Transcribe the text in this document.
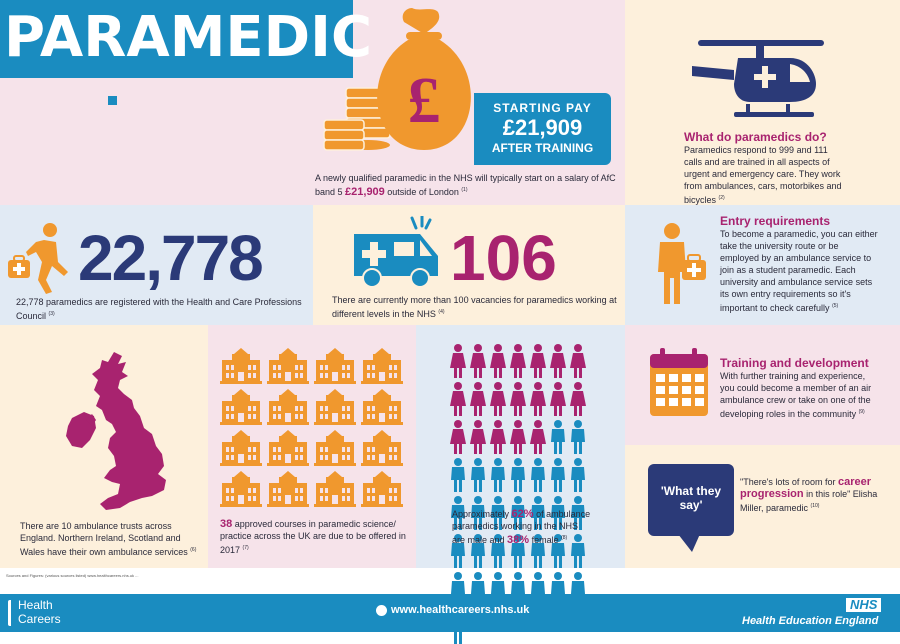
PARAMEDIC
£	STARTING PAY
£21,909
AFTER TRAINING
A newly qualified paramedic in the NHS will typically start on a salary of AfC band 5 £21,909 outside of London $^{(1)}$
What do paramedics do?
Paramedics respond to 999 and 111 calls and are trained in all aspects of urgent and emergency care. They work from ambulances, cars, motorbikes and bicycles $^{(2)}$
22,778
22,778 paramedics are registered with the Health and Care Professions Council $^{(3)}$
106
There are currently more than 100 vacancies for paramedics working at different levels in the NHS $^{(4)}$
Entry requirements
To become a paramedic, you can either take the university route or be employed by an ambulance service to join as a student paramedic. Each university and ambulance service sets its own entry requirements so it's important to check carefully $^{(5)}$
There are 10 ambulance trusts across England. Northern Ireland, Scotland and Wales have their own ambulance services $^{(6)}$
38 approved courses in paramedic science/ practice across the UK are due to be offered in 2017 $^{(7)}$
Approximately 62% of ambulance paramedics working in the NHS are male and 38% female $^{(8)}$
Training and development
With further training and experience, you could become a member of an air ambulance crew or take on one of the developing roles in the community $^{(9)}$
'What they say'
"There's lots of room for career progression in this role" Elisha Miller, paramedic $^{(10)}$
Sources and Figures: (various sources listed) www.healthcareers.nhs.uk ...
Health
Careers
www.healthcareers.nhs.uk	NHS
Health Education England
